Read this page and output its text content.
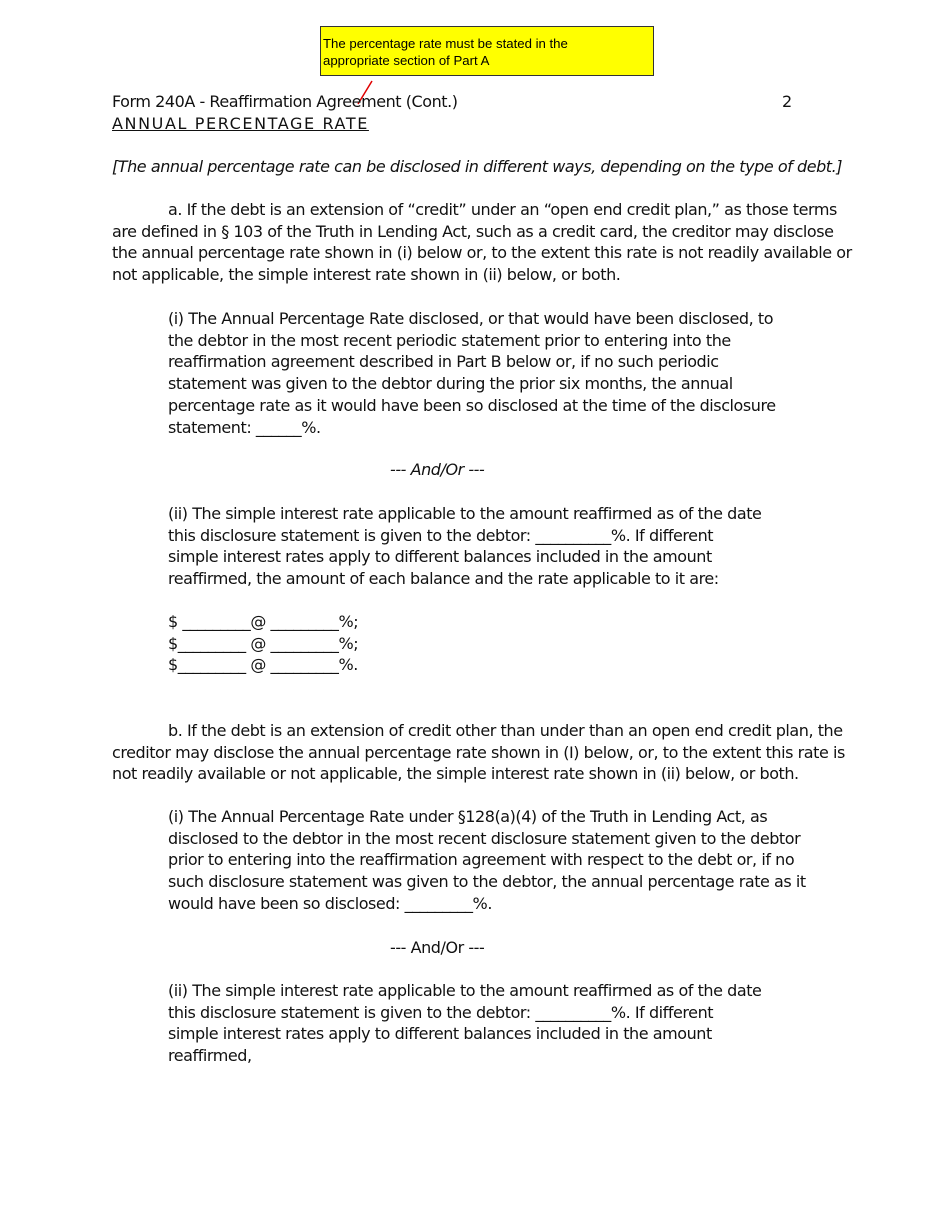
The percentage rate must be stated in the
appropriate section of Part A
Form 240A - Reaffirmation Agreement (Cont.)	2
ANNUAL PERCENTAGE RATE
[The annual percentage rate can be disclosed in different ways, depending on the type of debt.]
a. If the debt is an extension of “credit” under an “open end credit plan,” as those terms
are defined in § 103 of the Truth in Lending Act, such as a credit card, the creditor may disclose
the annual percentage rate shown in (i) below or, to the extent this rate is not readily available or
not applicable, the simple interest rate shown in (ii) below, or both.
(i) The Annual Percentage Rate disclosed, or that would have been disclosed, to
the debtor in the most recent periodic statement prior to entering into the
reaffirmation agreement described in Part B below or, if no such periodic
statement was given to the debtor during the prior six months, the annual
percentage rate as it would have been so disclosed at the time of the disclosure
statement: ______%.
--- And/Or ---
(ii) The simple interest rate applicable to the amount reaffirmed as of the date
this disclosure statement is given to the debtor: __________%. If different
simple interest rates apply to different balances included in the amount
reaffirmed, the amount of each balance and the rate applicable to it are:
$ _________@ _________%;
$_________ @ _________%;
$_________ @ _________%.
b. If the debt is an extension of credit other than under than an open end credit plan, the
creditor may disclose the annual percentage rate shown in (I) below, or, to the extent this rate is
not readily available or not applicable, the simple interest rate shown in (ii) below, or both.
(i) The Annual Percentage Rate under §128(a)(4) of the Truth in Lending Act, as
disclosed to the debtor in the most recent disclosure statement given to the debtor
prior to entering into the reaffirmation agreement with respect to the debt or, if no
such disclosure statement was given to the debtor, the annual percentage rate as it
would have been so disclosed: _________%.
--- And/Or ---
(ii) The simple interest rate applicable to the amount reaffirmed as of the date
this disclosure statement is given to the debtor: __________%. If different
simple interest rates apply to different balances included in the amount
reaffirmed,
